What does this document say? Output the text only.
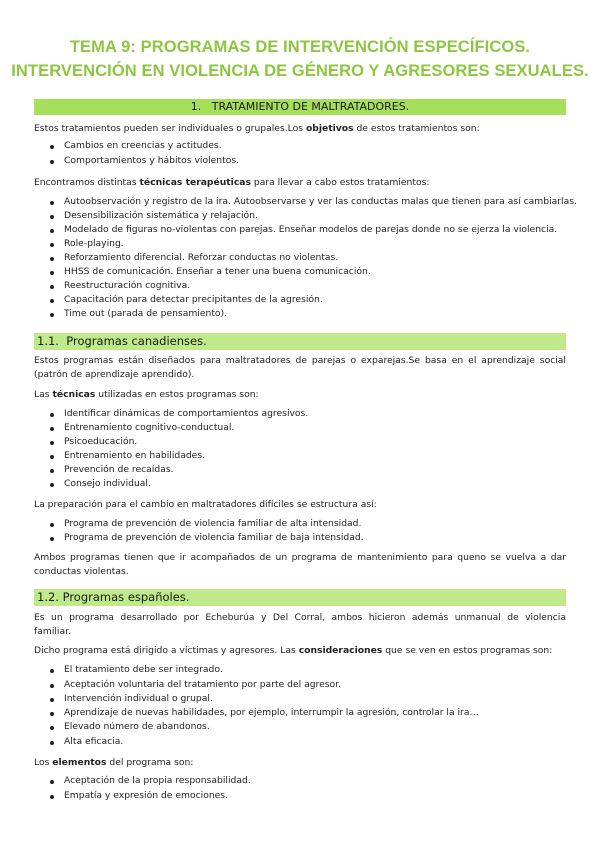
TEMA 9: PROGRAMAS DE INTERVENCIÓN ESPECÍFICOS.
INTERVENCIÓN EN VIOLENCIA DE GÉNERO Y AGRESORES SEXUALES.
1.   TRATAMIENTO DE MALTRATADORES.
Estos tratamientos pueden ser individuales o grupales.Los objetivos de estos tratamientos son:
Cambios en creencias y actitudes.
Comportamientos y hábitos violentos.
Encontramos distintas técnicas terapéuticas para llevar a cabo estos tratamientos:
Autoobservación y registro de la ira. Autoobservarse y ver las conductas malas que tienen para así cambiarlas.
Desensibilización sistemática y relajación.
Modelado de figuras no-violentas con parejas. Enseñar modelos de parejas donde no se ejerza la violencia.
Role-playing.
Reforzamiento diferencial. Reforzar conductas no violentas.
HHSS de comunicación. Enseñar a tener una buena comunicación.
Reestructuración cognitiva.
Capacitación para detectar precipitantes de la agresión.
Time out (parada de pensamiento).
1.1.  Programas canadienses.
Estos programas están diseñados para maltratadores de parejas o exparejas.Se basa en el aprendizaje social
(patrón de aprendizaje aprendido).
Las técnicas utilizadas en estos programas son:
Identificar dinámicas de comportamientos agresivos.
Entrenamiento cognitivo-conductual.
Psicoeducación.
Entrenamiento en habilidades.
Prevención de recaídas.
Consejo individual.
La preparación para el cambio en maltratadores difíciles se estructura así:
Programa de prevención de violencia familiar de alta intensidad.
Programa de prevención de violencia familiar de baja intensidad.
Ambos programas tienen que ir acompañados de un programa de mantenimiento para queno se vuelva a dar
conductas violentas.
1.2. Programas españoles.
Es un programa desarrollado por Echeburúa y Del Corral, ambos hicieron además unmanual de violencia
familiar.
Dicho programa está dirigido a víctimas y agresores. Las consideraciones que se ven en estos programas son:
El tratamiento debe ser integrado.
Aceptación voluntaria del tratamiento por parte del agresor.
Intervención individual o grupal.
Aprendizaje de nuevas habilidades, por ejemplo, interrumpir la agresión, controlar la ira…
Elevado número de abandonos.
Alta eficacia.
Los elementos del programa son:
Aceptación de la propia responsabilidad.
Empatía y expresión de emociones.
